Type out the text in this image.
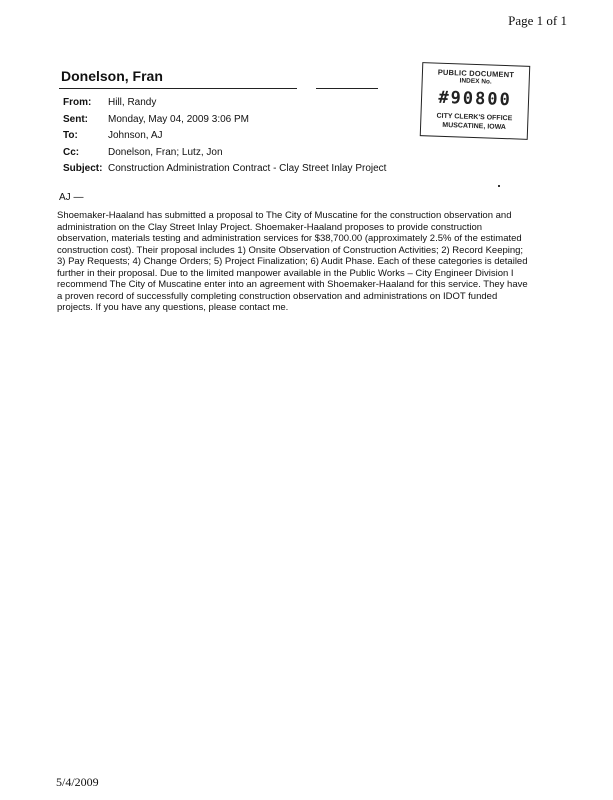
Page 1 of 1
Donelson, Fran	PUBLIC DOCUMENT
INDEX No.
#90800
CITY CLERK'S OFFICE
MUSCATINE, IOWA
From: Hill, Randy
Sent: Monday, May 04, 2009 3:06 PM
To:	Johnson, AJ
Cc:	Donelson, Fran; Lutz, Jon
Subject: Construction Administration Contract - Clay Street Inlay Project
AJ —
Shoemaker-Haaland has submitted a proposal to The City of Muscatine for the construction observation and
administration on the Clay Street Inlay Project. Shoemaker-Haaland proposes to provide construction
observation, materials testing and administration services for $38,700.00 (approximately 2.5% of the estimated
construction cost). Their proposal includes 1) Onsite Observation of Construction Activities; 2) Record Keeping;
3) Pay Requests; 4) Change Orders; 5) Project Finalization; 6) Audit Phase. Each of these categories is detailed
further in their proposal. Due to the limited manpower available in the Public Works – City Engineer Division I
recommend The City of Muscatine enter into an agreement with Shoemaker-Haaland for this service. They have
a proven record of successfully completing construction observation and administrations on IDOT funded
projects. If you have any questions, please contact me.
5/4/2009
